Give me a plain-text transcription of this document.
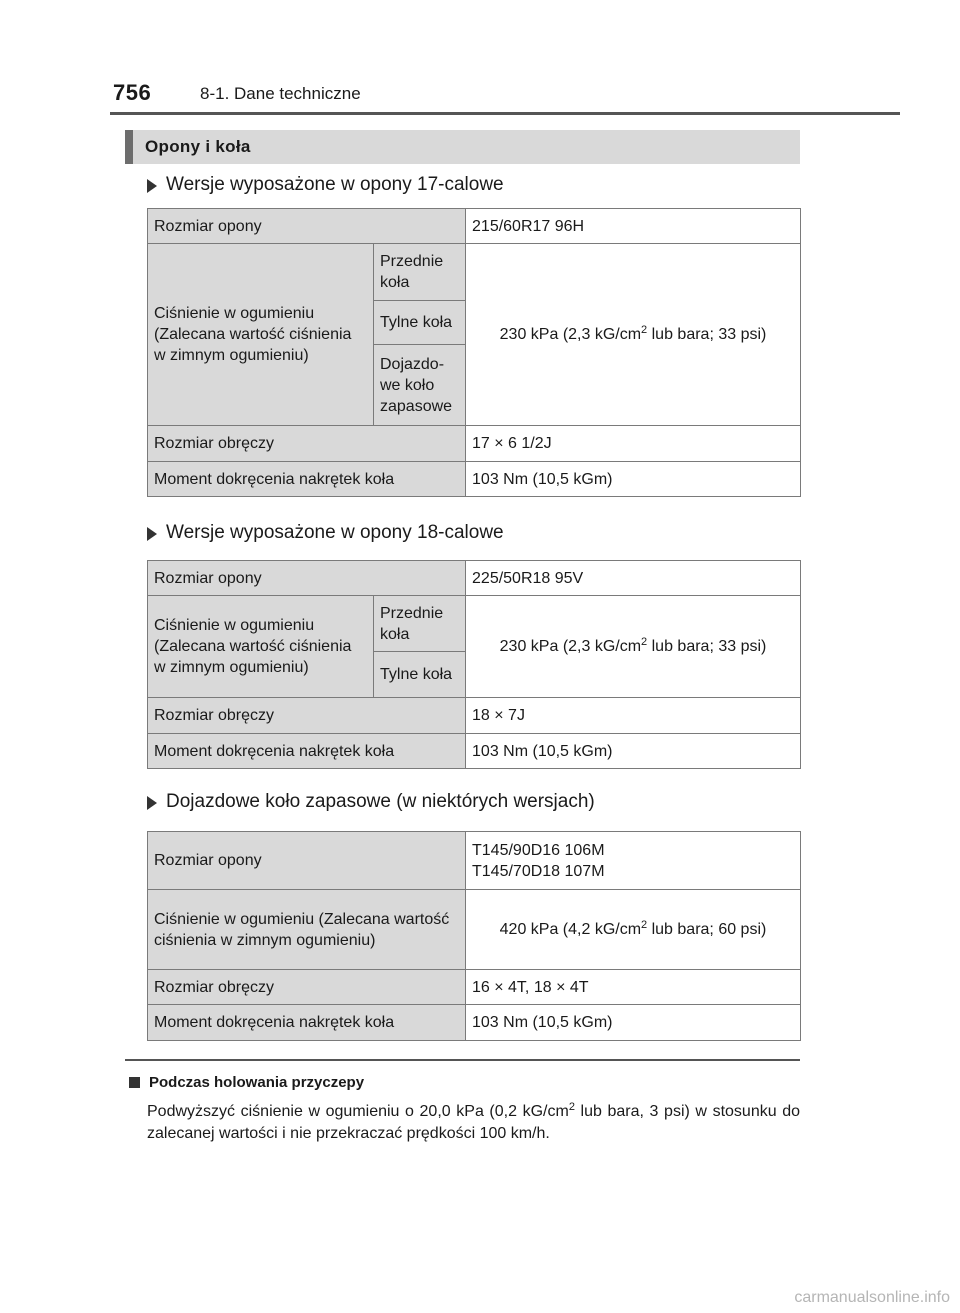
756	8-1. Dane techniczne
Opony i koła
Wersje wyposażone w opony 17-calowe
Rozmiar opony		215/60R17 96H
Ciśnienie w ogumieniu (Zalecana wartość ciśnienia w zimnym ogumieniu)	Przednie koła	230 kPa (2,3 $kG/cm^2$ lub bara; 33 psi)
	Tylne koła	
	Dojazdo-we koło zapasowe	
Rozmiar obręczy		17 × 6 1/2J
Moment dokręcenia nakrętek koła		103 Nm (10,5 kGm)
Wersje wyposażone w opony 18-calowe
Rozmiar opony		225/50R18 95V
Ciśnienie w ogumieniu (Zalecana wartość ciśnienia w zimnym ogumieniu)	Przednie koła	230 kPa (2,3 $kG/cm^2$ lub bara; 33 psi)
	Tylne koła	
Rozmiar obręczy		18 × 7J
Moment dokręcenia nakrętek koła		103 Nm (10,5 kGm)
Dojazdowe koło zapasowe (w niektórych wersjach)
Rozmiar opony	T145/90D16 106M
T145/70D18 107M

Ciśnienie w ogumieniu (Zalecana wartość ciśnienia w zimnym ogumieniu)	420 kPa (4,2 $kG/cm^2$ lub bara; 60 psi)
Rozmiar obręczy	16 × 4T, 18 × 4T
Moment dokręcenia nakrętek koła	103 Nm (10,5 kGm)
Podczas holowania przyczepy
Podwyższyć ciśnienie w ogumieniu o 20,0 kPa (0,2 $kG/cm^2$ lub bara, 3 psi) w stosunku do zalecanej wartości i nie przekraczać prędkości 100 km/h.
carmanualsonline.info
